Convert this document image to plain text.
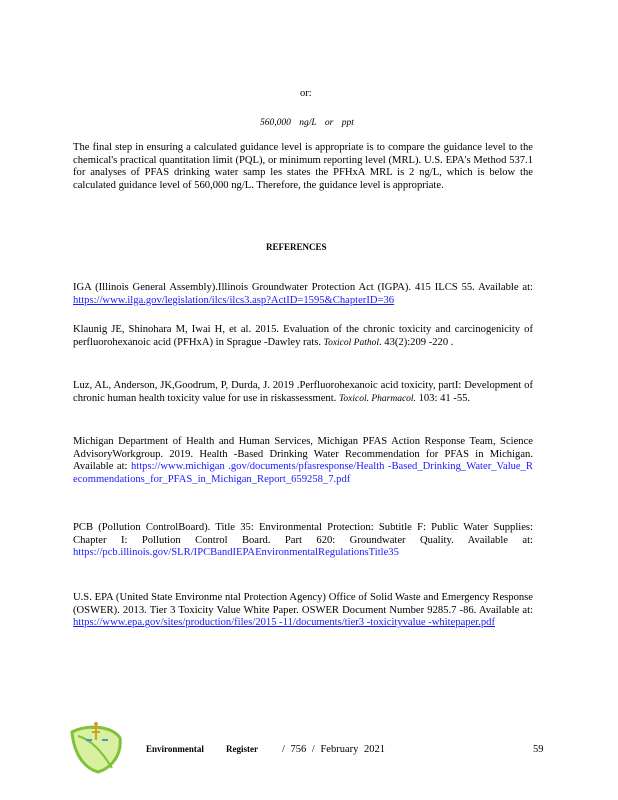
or:
560,000 ng/L or ppt

The final step in ensuring a calculated guidance level is appropriate is to compare the guidance level to the chemical's practical quantitation limit (PQL), or minimum reporting level (MRL). U.S. EPA's Method 537.1 for analyses of PFAS drinking water samp les states the PFHxA MRL is 2 ng/L, which is below the calculated guidance level of 560,000 ng/L. Therefore, the guidance level is appropriate.

REFERENCES

IGA (Illinois General Assembly).Illinois Groundwater Protection Act (IGPA). 415 ILCS 55. Available at: https://www.ilga.gov/legislation/ilcs/ilcs3.asp?ActID=1595&ChapterID=36

Klaunig JE, Shinohara M, Iwai H, et al. 2015. Evaluation of the chronic toxicity and carcinogenicity of perfluorohexanoic acid (PFHxA) in Sprague -Dawley rats. Toxicol Pathol. 43(2):209 -220 .

Luz, AL, Anderson, JK,Goodrum, P, Durda, J. 2019 .Perfluorohexanoic acid toxicity, partI: Development of chronic human health toxicity value for use in riskassessment. Toxicol. Pharmacol. 103: 41 -55.

Michigan Department of Health and Human Services, Michigan PFAS Action Response Team, Science AdvisoryWorkgroup. 2019. Health -Based Drinking Water Recommendation for PFAS in Michigan. Available at: https://www.michigan .gov/documents/pfasresponse/Health -Based_Drinking_Water_Value_Recommendations_for_PFAS_in_Michigan_Report_659258_7.pdf

PCB (Pollution ControlBoard). Title 35: Environmental Protection: Subtitle F: Public Water Supplies: Chapter I: Pollution Control Board. Part 620: Groundwater Quality. Available at: https://pcb.illinois.gov/SLR/IPCBandIEPAEnvironmentalRegulationsTitle35

U.S. EPA (United State Environme ntal Protection Agency) Office of Solid Waste and Emergency Response (OSWER). 2013. Tier 3 Toxicity Value White Paper. OSWER Document Number 9285.7 -86. Available at: https://www.epa.gov/sites/production/files/2015 -11/documents/tier3 -toxicityvalue -whitepaper.pdf

Environmental Register / 756 / February 2021	59
